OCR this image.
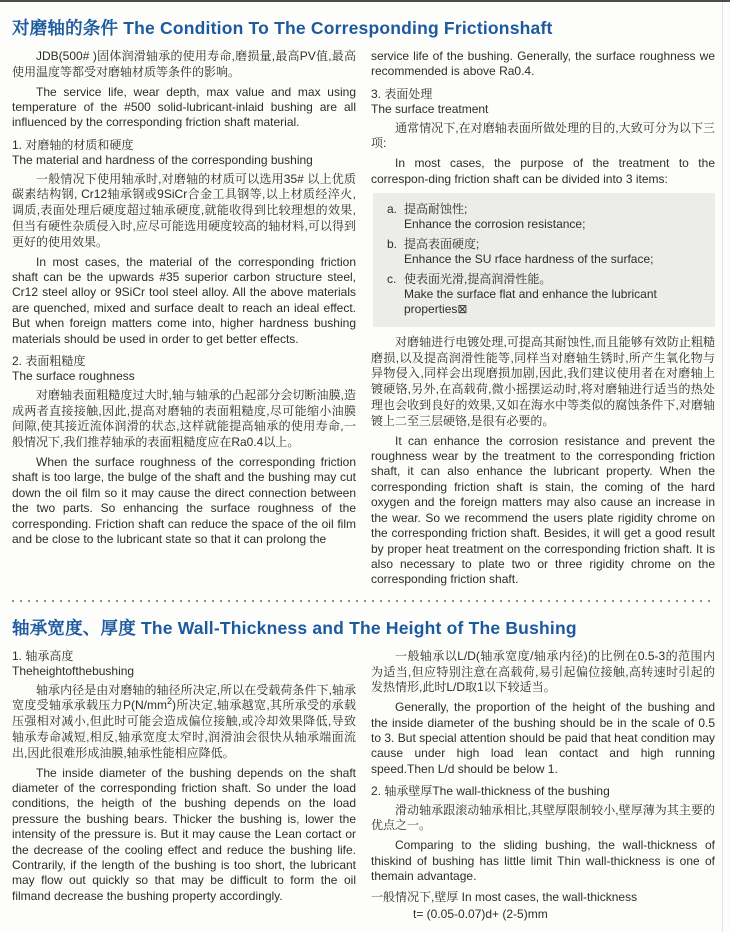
对磨轴的条件 The Condition To The Corresponding Frictionshaft

JDB(500# )固体润滑轴承的使用寿命,磨损量,最高PV值,最高使用温度等都受对磨轴材质等条件的影响。

The service life, wear depth, max value and max using temperature of the #500 solid-lubricant-inlaid bushing are all influenced by the corresponding friction shaft material.

1. 对磨轴的材质和硬度
The material and hardness of the corresponding bushing

一般情况下使用轴承时,对磨轴的材质可以选用35# 以上优质碳素结构钢, Cr12轴承钢或9SiCr合金工具钢等,以上材质经淬火,调质,表面处理后硬度超过轴承硬度,就能收得到比较理想的效果,但当有硬性杂质侵入时,应尽可能选用硬度较高的轴材料,可以得到更好的使用效果。

In most cases, the material of the corresponding friction shaft can be the upwards #35 superior carbon structure steel, Cr12 steel alloy or 9SiCr tool steel alloy. All the above materials are quenched, mixed and surface dealt to reach an ideal effect. But when foreign matters come into, higher hardness bushing materials should be used in order to get better effects.

2. 表面粗糙度
The surface roughness

对磨轴表面粗糙度过大时,轴与轴承的凸起部分会切断油膜,造成两者直接接触,因此,提高对磨轴的表面粗糙度,尽可能缩小油膜间隙,使其接近流体润滑的状态,这样就能提高轴承的使用寿命,一般情况下,我们推荐轴承的表面粗糙度应在Ra0.4以上。

When the surface roughness of the corresponding friction shaft is too large, the bulge of the shaft and the bushing may cut down the oil film so it may cause the direct connection between the two parts. So enhancing the surface roughness of the corresponding. Friction shaft can reduce the space of the oil film and be close to the lubricant state so that it can prolong the

service life of the bushing. Generally, the surface roughness we recommended is above Ra0.4.

3. 表面处理
The surface treatment

通常情况下,在对磨轴表面所做处理的目的,大致可分为以下三项:

In most cases, the purpose of the treatment to the correspon-ding friction shaft can be divided into 3 items:

a. 提高耐蚀性;
Enhance the corrosion resistance;
b. 提高表面硬度;
Enhance the SU rface hardness of the surface;
c. 使表面光滑,提高润滑性能。
Make the surface flat and enhance the lubricant properties⊠

对磨轴进行电镀处理,可提高其耐蚀性,而且能够有效防止粗糙磨损,以及提高润滑性能等,同样当对磨轴生锈时,所产生氧化物与异物侵入,同样会出现磨损加剧,因此,我们建议使用者在对磨轴上镀硬铬,另外,在高载荷,微小摇摆运动时,将对磨轴进行适当的热处理也会收到良好的效果,又如在海水中等类似的腐蚀条件下,对磨轴镀上二至三层硬铬,是很有必要的。

It can enhance the corrosion resistance and prevent the roughness wear by the treatment to the corresponding friction shaft, it can also enhance the lubricant property. When the corresponding friction shaft is stain, the coming of the hard oxygen and the foreign matters may also cause an increase in the wear. So we recommend the users plate rigidity chrome on the corresponding friction shaft. Besides, it will get a good result by proper heat treatment on the corresponding friction shaft. It is also necessary to plate two or three rigidity chrome on the corresponding friction shaft.

轴承宽度、厚度 The Wall-Thickness and The Height of The Bushing

1. 轴承高度
Theheightofthebushing

轴承内径是由对磨轴的轴径所决定,所以在受载荷条件下,轴承宽度受轴承承载压力$P(N/mm^2)$所决定,轴承越宽,其所承受的承载压强相对减小,但此时可能会造成偏位接触,或冷却效果降低,导致轴承寿命减短,相反,轴承宽度太窄时,润滑油会很快从轴承端面流出,因此很难形成油膜,轴承性能相应降低。

The inside diameter of the bushing depends on the shaft diameter of the corresponding friction shaft. So under the load conditions, the heigth of the bushing depends on the load pressure the bushing bears. Thicker the bushing is, lower the intensity of the pressure is. But it may cause the Lean cortact or the decrease of the cooling effect and reduce the bushing life. Contrarily, if the length of the bushing is too short, the lubricant may flow out quickly so that may be difficult to form the oil filmand decrease the bushing property accordingly.

一般轴承以L/D(轴承宽度/轴承内径)的比例在0.5-3的范围内为适当,但应特别注意在高载荷,易引起偏位接触,高转速时引起的发热情形,此时L/D取1以下较适当。

Generally, the proportion of the height of the bushing and the inside diameter of the bushing should be in the scale of 0.5 to 3. But special attention should be paid that heat condition may cause under high load lean contact and high running speed.Then L/d should be below 1.

2. 轴承壁厚The wall-thickness of the bushing

滑动轴承跟滚动轴承相比,其壁厚限制较小,壁厚薄为其主要的优点之一。

Comparing to the sliding bushing, the wall-thickness of thiskind of bushing has little limit Thin wall-thickness is one of themain advantage.

一般情况下,壁厚 In most cases, the wall-thickness

t= (0.05-0.07)d+ (2-5)mm
